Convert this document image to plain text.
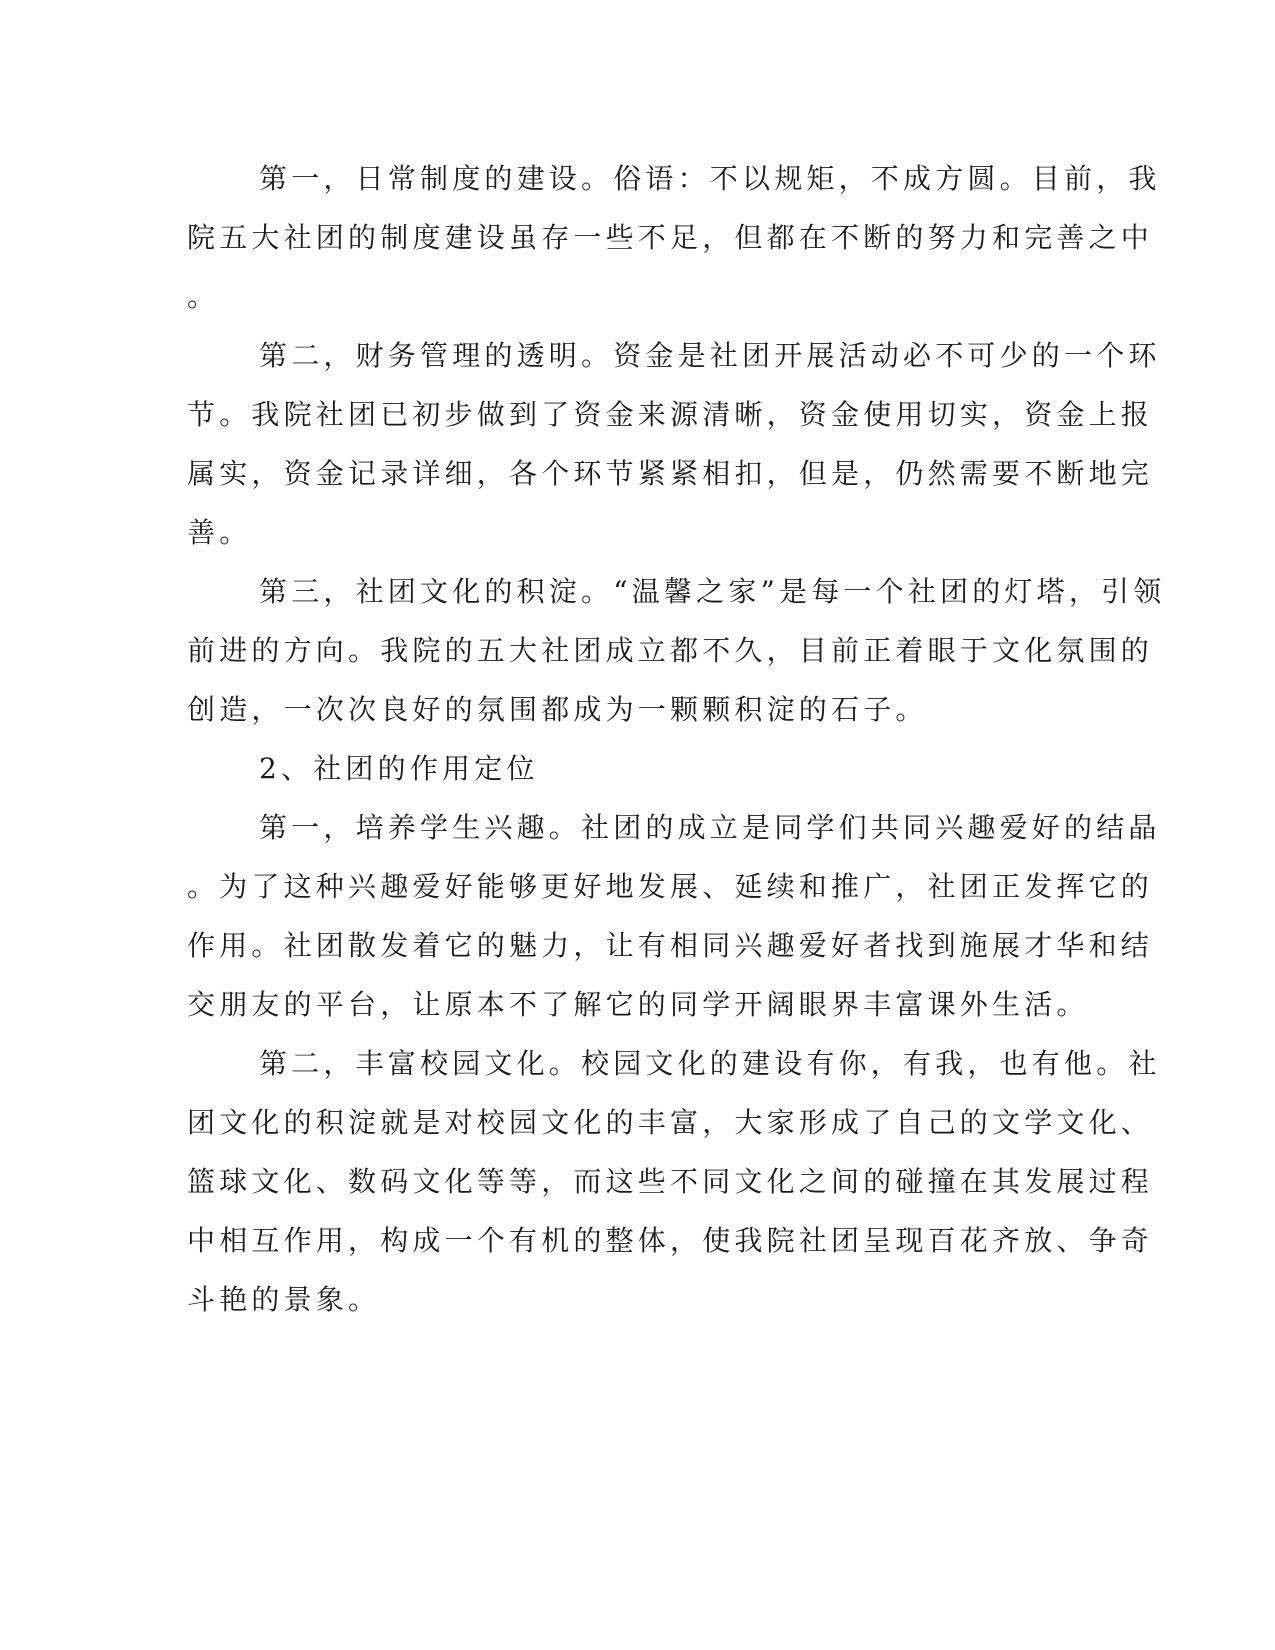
第一，日常制度的建设。俗语：不以规矩，不成方圆。目前，我
院五大社团的制度建设虽存一些不足，但都在不断的努力和完善之中
。
第二，财务管理的透明。资金是社团开展活动必不可少的一个环
节。我院社团已初步做到了资金来源清晰，资金使用切实，资金上报
属实，资金记录详细，各个环节紧紧相扣，但是，仍然需要不断地完
善。
第三，社团文化的积淀。“温馨之家”是每一个社团的灯塔，引领
前进的方向。我院的五大社团成立都不久，目前正着眼于文化氛围的
创造，一次次良好的氛围都成为一颗颗积淀的石子。
2、社团的作用定位
第一，培养学生兴趣。社团的成立是同学们共同兴趣爱好的结晶
。为了这种兴趣爱好能够更好地发展、延续和推广，社团正发挥它的
作用。社团散发着它的魅力，让有相同兴趣爱好者找到施展才华和结
交朋友的平台，让原本不了解它的同学开阔眼界丰富课外生活。
第二，丰富校园文化。校园文化的建设有你，有我，也有他。社
团文化的积淀就是对校园文化的丰富，大家形成了自己的文学文化、
篮球文化、数码文化等等，而这些不同文化之间的碰撞在其发展过程
中相互作用，构成一个有机的整体，使我院社团呈现百花齐放、争奇
斗艳的景象。
